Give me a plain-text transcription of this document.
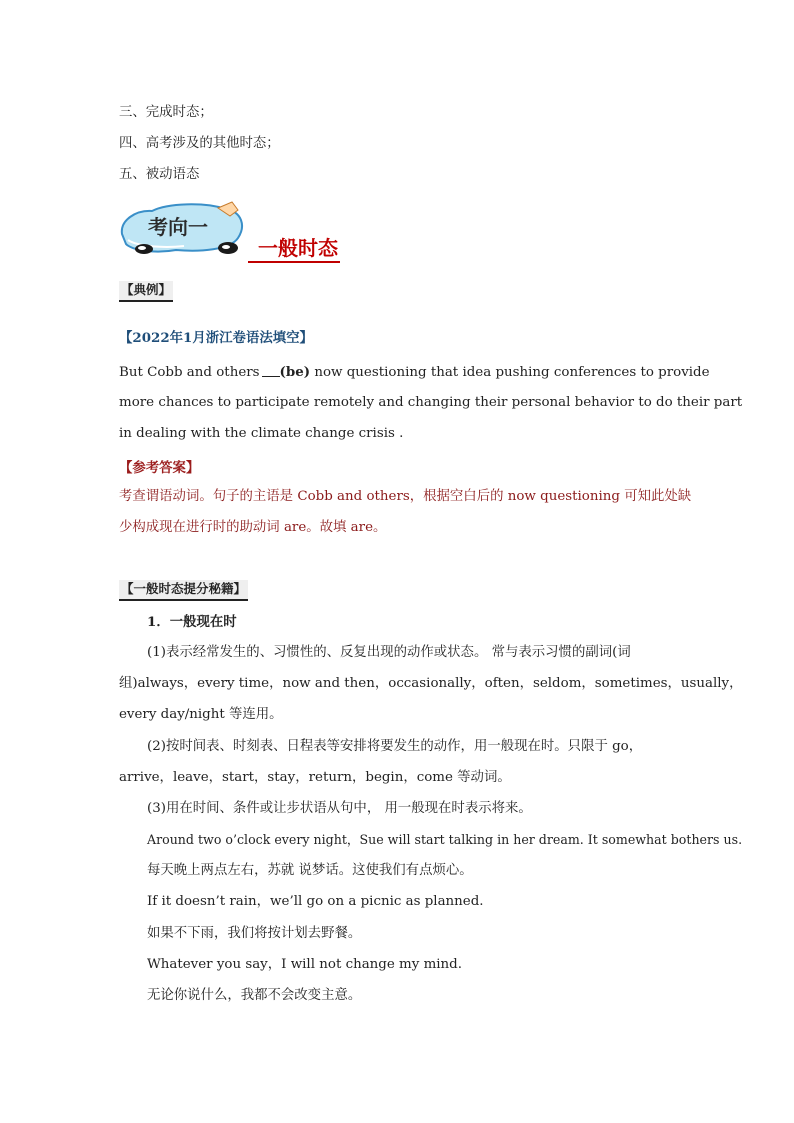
三、完成时态；
四、高考涉及的其他时态；
五、被动语态
考向一
一般时态
【典例】
【2022年1月浙江卷语法填空】
But Cobb and others (be) now questioning that idea pushing conferences to provide
more chances to participate remotely and changing their personal behavior to do their part
in dealing with the climate change crisis .
【参考答案】
考查谓语动词。句子的主语是 Cobb and others，根据空白后的 now questioning 可知此处缺
少构成现在进行时的助动词 are。故填 are。
【一般时态提分秘籍】
1．一般现在时
(1)表示经常发生的、习惯性的、反复出现的动作或状态。 常与表示习惯的副词(词
组)always，every time，now and then，occasionally，often，seldom，sometimes，usually，
every day/night 等连用。
(2)按时间表、时刻表、日程表等安排将要发生的动作，用一般现在时。只限于 go，
arrive，leave，start，stay，return，begin，come 等动词。
(3)用在时间、条件或让步状语从句中， 用一般现在时表示将来。
Around two o’clock every night，Sue will start talking in her dream. It somewhat bothers us.
每天晚上两点左右，苏就 说梦话。这使我们有点烦心。
If it doesn’t rain，we’ll go on a picnic as planned.
如果不下雨，我们将按计划去野餐。
Whatever you say，I will not change my mind.
无论你说什么，我都不会改变主意。
